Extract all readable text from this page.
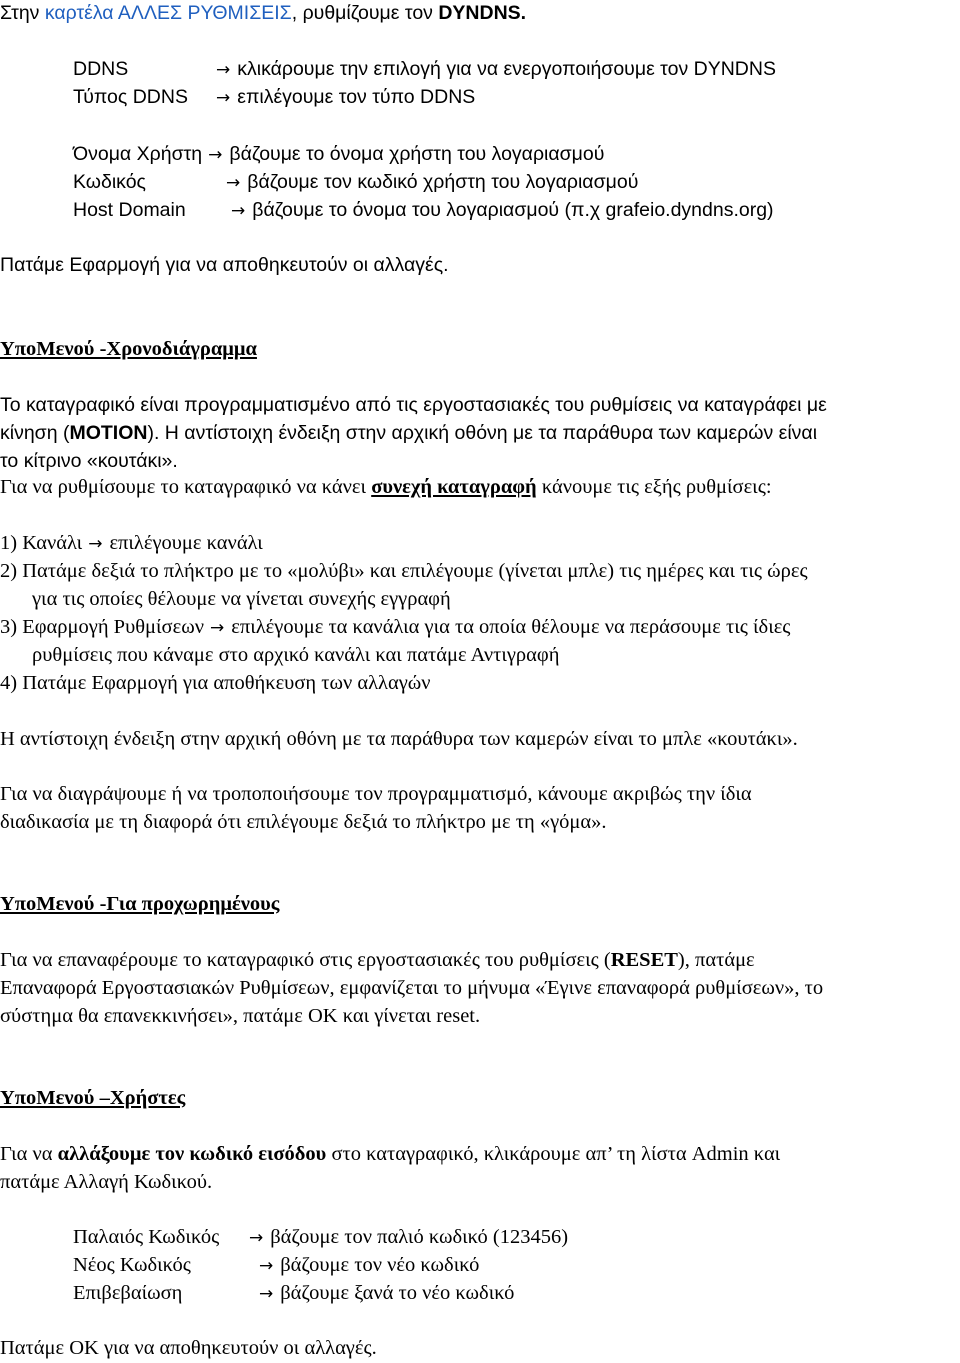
Στην καρτέλα ΑΛΛΕΣ ΡΥΘΜΙΣΕΙΣ, ρυθμίζουμε τον DYNDNS.
DDNS	→ κλικάρουμε την επιλογή για να ενεργοποιήσουμε τον DYNDNS
Τύπος DDNS	→ επιλέγουμε τον τύπο DDNS
Όνομα Χρήστη → βάζουμε το όνομα χρήστη του λογαριασμού
Κωδικός	→ βάζουμε τον κωδικό χρήστη του λογαριασμού
Host Domain	→ βάζουμε το όνομα του λογαριασμού (π.χ grafeio.dyndns.org)
Πατάμε Εφαρμογή για να αποθηκευτούν οι αλλαγές.
ΥποΜενού -Χρονοδιάγραμμα
Το καταγραφικό είναι προγραμματισμένο από τις εργοστασιακές του ρυθμίσεις να καταγράφει με
κίνηση (MOTION). Η αντίστοιχη ένδειξη στην αρχική οθόνη με τα παράθυρα των καμερών είναι
το κίτρινο «κουτάκι».
Για να ρυθμίσουμε το καταγραφικό να κάνει συνεχή καταγραφή κάνουμε τις εξής ρυθμίσεις:
1) Κανάλι → επιλέγουμε κανάλι
2) Πατάμε δεξιά το πλήκτρο με το «μολύβι» και επιλέγουμε (γίνεται μπλε) τις ημέρες και τις ώρες
για τις οποίες θέλουμε να γίνεται συνεχής εγγραφή
3) Εφαρμογή Ρυθμίσεων → επιλέγουμε τα κανάλια για τα οποία θέλουμε να περάσουμε τις ίδιες
ρυθμίσεις που κάναμε στο αρχικό κανάλι και πατάμε Αντιγραφή
4) Πατάμε Εφαρμογή για αποθήκευση των αλλαγών
Η αντίστοιχη ένδειξη στην αρχική οθόνη με τα παράθυρα των καμερών είναι το μπλε «κουτάκι».
Για να διαγράψουμε ή να τροποποιήσουμε τον προγραμματισμό, κάνουμε ακριβώς την ίδια
διαδικασία με τη διαφορά ότι επιλέγουμε δεξιά το πλήκτρο με τη «γόμα».
ΥποΜενού -Για προχωρημένους
Για να επαναφέρουμε το καταγραφικό στις εργοστασιακές του ρυθμίσεις (RESET), πατάμε
Επαναφορά Εργοστασιακών Ρυθμίσεων, εμφανίζεται το μήνυμα «Έγινε επαναφορά ρυθμίσεων», το
σύστημα θα επανεκκινήσει», πατάμε ΟΚ και γίνεται reset.
ΥποΜενού –Χρήστες
Για να αλλάξουμε τον κωδικό εισόδου στο καταγραφικό, κλικάρουμε απ’ τη λίστα Admin και
πατάμε Αλλαγή Κωδικού.
Παλαιός Κωδικός	→ βάζουμε τον παλιό κωδικό (123456)
Νέος Κωδικός	→ βάζουμε τον νέο κωδικό
Επιβεβαίωση	→ βάζουμε ξανά το νέο κωδικό
Πατάμε ΟΚ για να αποθηκευτούν οι αλλαγές.
